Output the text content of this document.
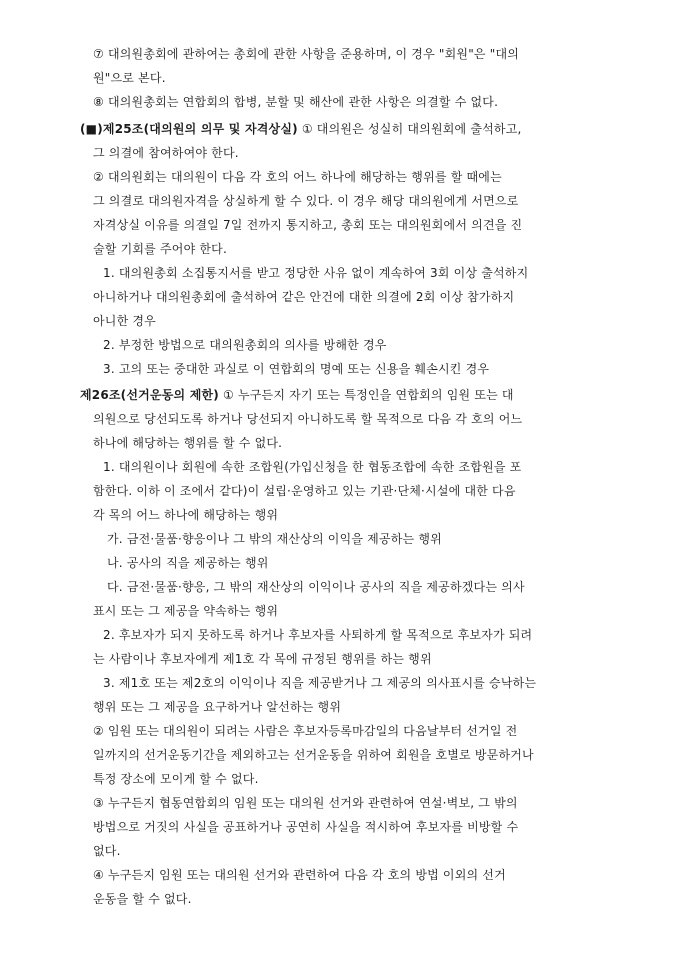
⑦ 대의원총회에 관하여는 총회에 관한 사항을 준용하며, 이 경우 "회원"은 "대의
원"으로 본다.
⑧ 대의원총회는 연합회의 합병, 분할 및 해산에 관한 사항은 의결할 수 없다.
(■)제25조(대의원의 의무 및 자격상실) ① 대의원은 성실히 대의원회에 출석하고,
그 의결에 참여하여야 한다.
② 대의원회는 대의원이 다음 각 호의 어느 하나에 해당하는 행위를 할 때에는
그 의결로 대의원자격을 상실하게 할 수 있다. 이 경우 해당 대의원에게 서면으로
자격상실 이유를 의결일 7일 전까지 통지하고, 총회 또는 대의원회에서 의견을 진
술할 기회를 주어야 한다.
1. 대의원총회 소집통지서를 받고 정당한 사유 없이 계속하여 3회 이상 출석하지
아니하거나 대의원총회에 출석하여 같은 안건에 대한 의결에 2회 이상 참가하지
아니한 경우
2. 부정한 방법으로 대의원총회의 의사를 방해한 경우
3. 고의 또는 중대한 과실로 이 연합회의 명예 또는 신용을 훼손시킨 경우
제26조(선거운동의 제한) ① 누구든지 자기 또는 특정인을 연합회의 임원 또는 대
의원으로 당선되도록 하거나 당선되지 아니하도록 할 목적으로 다음 각 호의 어느
하나에 해당하는 행위를 할 수 없다.
1. 대의원이나 회원에 속한 조합원(가입신청을 한 협동조합에 속한 조합원을 포
함한다. 이하 이 조에서 같다)이 설립·운영하고 있는 기관·단체·시설에 대한 다음
각 목의 어느 하나에 해당하는 행위
가. 금전·물품·향응이나 그 밖의 재산상의 이익을 제공하는 행위
나. 공사의 직을 제공하는 행위
다. 금전·물품·향응, 그 밖의 재산상의 이익이나 공사의 직을 제공하겠다는 의사
표시 또는 그 제공을 약속하는 행위
2. 후보자가 되지 못하도록 하거나 후보자를 사퇴하게 할 목적으로 후보자가 되려
는 사람이나 후보자에게 제1호 각 목에 규정된 행위를 하는 행위
3. 제1호 또는 제2호의 이익이나 직을 제공받거나 그 제공의 의사표시를 승낙하는
행위 또는 그 제공을 요구하거나 알선하는 행위
② 임원 또는 대의원이 되려는 사람은 후보자등록마감일의 다음날부터 선거일 전
일까지의 선거운동기간을 제외하고는 선거운동을 위하여 회원을 호별로 방문하거나
특정 장소에 모이게 할 수 없다.
③ 누구든지 협동연합회의 임원 또는 대의원 선거와 관련하여 연설·벽보, 그 밖의
방법으로 거짓의 사실을 공표하거나 공연히 사실을 적시하여 후보자를 비방할 수
없다.
④ 누구든지 임원 또는 대의원 선거와 관련하여 다음 각 호의 방법 이외의 선거
운동을 할 수 없다.
